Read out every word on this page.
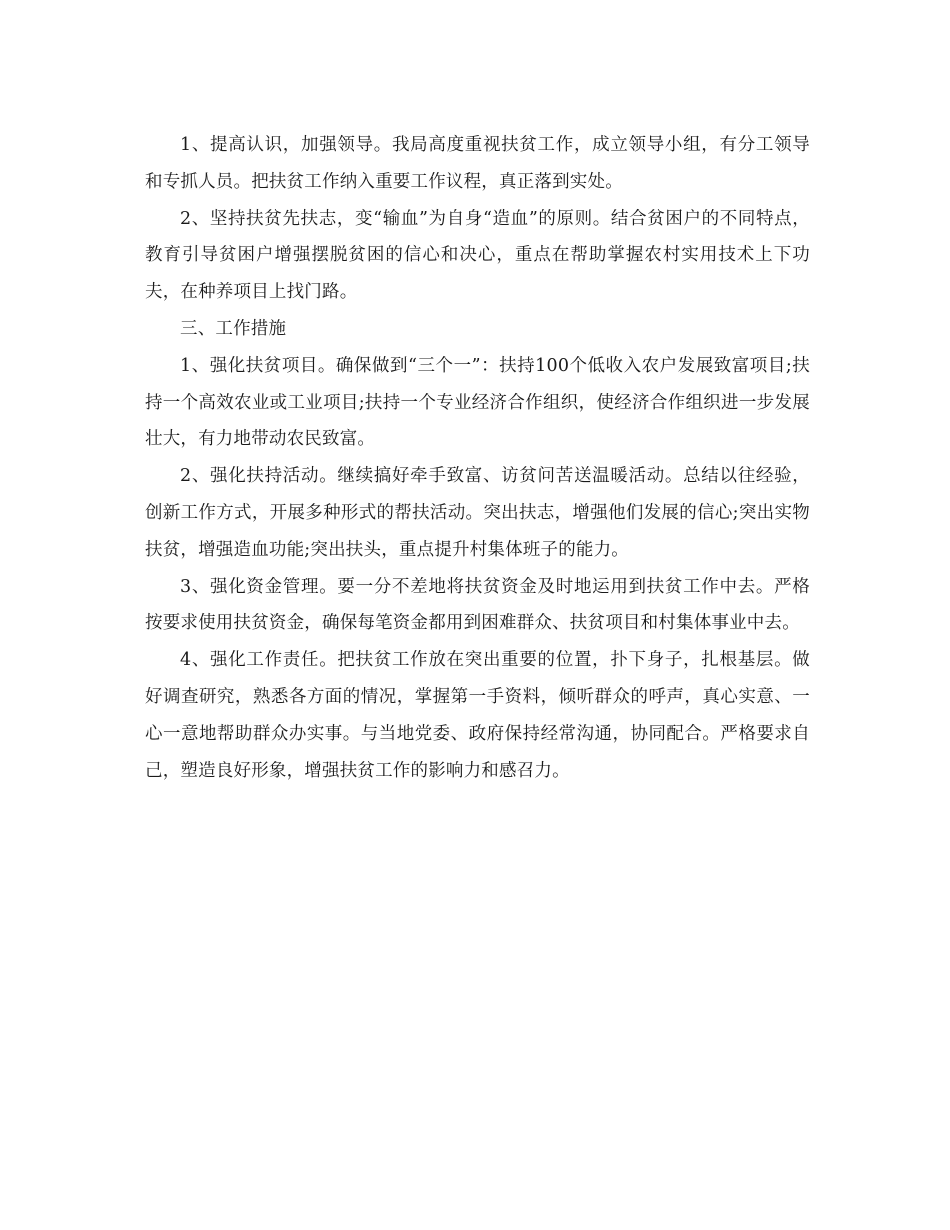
1、提高认识，加强领导。我局高度重视扶贫工作，成立领导小组，有分工领导和专抓人员。把扶贫工作纳入重要工作议程，真正落到实处。

2、坚持扶贫先扶志，变“输血”为自身“造血”的原则。结合贫困户的不同特点，教育引导贫困户增强摆脱贫困的信心和决心，重点在帮助掌握农村实用技术上下功夫，在种养项目上找门路。

三、工作措施

1、强化扶贫项目。确保做到“三个一”：扶持100个低收入农户发展致富项目;扶持一个高效农业或工业项目;扶持一个专业经济合作组织，使经济合作组织进一步发展壮大，有力地带动农民致富。

2、强化扶持活动。继续搞好牵手致富、访贫问苦送温暖活动。总结以往经验，创新工作方式，开展多种形式的帮扶活动。突出扶志，增强他们发展的信心;突出实物扶贫，增强造血功能;突出扶头，重点提升村集体班子的能力。

3、强化资金管理。要一分不差地将扶贫资金及时地运用到扶贫工作中去。严格按要求使用扶贫资金，确保每笔资金都用到困难群众、扶贫项目和村集体事业中去。

4、强化工作责任。把扶贫工作放在突出重要的位置，扑下身子，扎根基层。做好调查研究，熟悉各方面的情况，掌握第一手资料，倾听群众的呼声，真心实意、一心一意地帮助群众办实事。与当地党委、政府保持经常沟通，协同配合。严格要求自己，塑造良好形象，增强扶贫工作的影响力和感召力。
